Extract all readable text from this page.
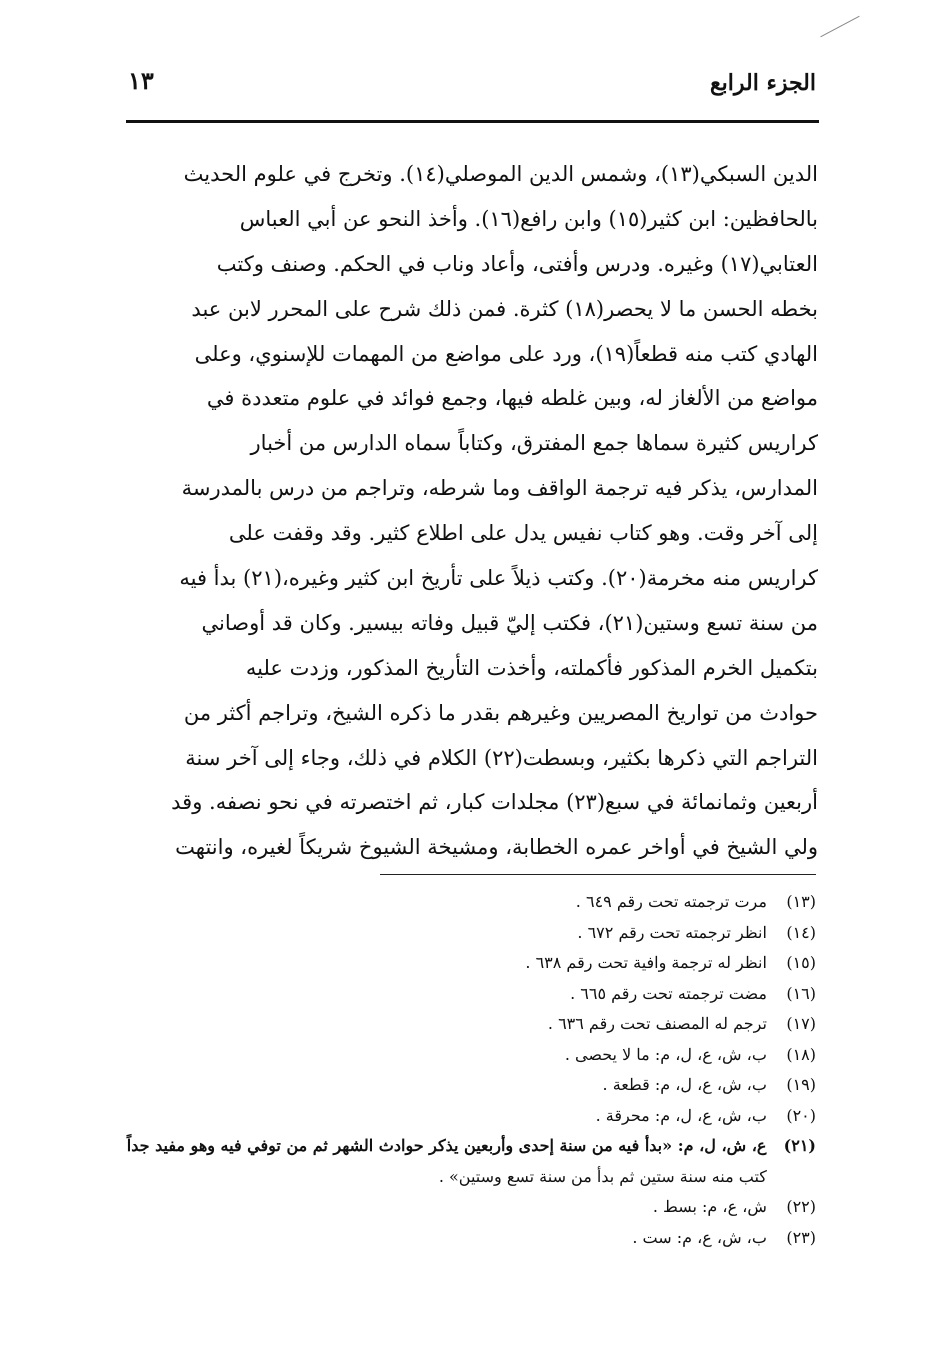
الجزء الرابع
١٣
الدين السبكي(١٣)، وشمس الدين الموصلي(١٤). وتخرج في علوم الحديث
بالحافظين: ابن كثير(١٥) وابن رافع(١٦). وأخذ النحو عن أبي العباس
العتابي(١٧) وغيره. ودرس وأفتى، وأعاد وناب في الحكم. وصنف وكتب
بخطه الحسن ما لا يحصر(١٨) كثرة. فمن ذلك شرح على المحرر لابن عبد
الهادي كتب منه قطعاً(١٩)، ورد على مواضع من المهمات للإسنوي، وعلى
مواضع من الألغاز له، وبين غلطه فيها، وجمع فوائد في علوم متعددة في
كراريس كثيرة سماها جمع المفترق، وكتاباً سماه الدارس من أخبار
المدارس، يذكر فيه ترجمة الواقف وما شرطه، وتراجم من درس بالمدرسة
إلى آخر وقت. وهو كتاب نفيس يدل على اطلاع كثير. وقد وقفت على
كراريس منه مخرمة(٢٠). وكتب ذيلاً على تأريخ ابن كثير وغيره،(٢١) بدأ فيه
من سنة تسع وستين(٢١)، فكتب إليّ قبيل وفاته بيسير. وكان قد أوصاني
بتكميل الخرم المذكور فأكملته، وأخذت التأريخ المذكور، وزدت عليه
حوادث من تواريخ المصريين وغيرهم بقدر ما ذكره الشيخ، وتراجم أكثر من
التراجم التي ذكرها بكثير، وبسطت(٢٢) الكلام في ذلك، وجاء إلى آخر سنة
أربعين وثمانمائة في سبع(٢٣) مجلدات كبار، ثم اختصرته في نحو نصفه. وقد
ولي الشيخ في أواخر عمره الخطابة، ومشيخة الشيوخ شريكاً لغيره، وانتهت
(١٣) مرت ترجمته تحت رقم ٦٤٩ .
(١٤) انظر ترجمته تحت رقم ٦٧٢ .
(١٥) انظر له ترجمة وافية تحت رقم ٦٣٨ .
(١٦) مضت ترجمته تحت رقم ٦٦٥ .
(١٧) ترجم له المصنف تحت رقم ٦٣٦ .
(١٨) ب، ش، ع، ل، م: ما لا يحصى .
(١٩) ب، ش، ع، ل، م: قطعة .
(٢٠) ب، ش، ع، ل، م: محرقة .
(٢١) ع، ش، ل، م: «بدأ فيه من سنة إحدى وأربعين يذكر حوادث الشهر ثم من توفي فيه وهو مفيد جداً
كتب منه سنة ستين ثم بدأ من سنة تسع وستين» .
(٢٢) ش، ع، م: بسط .
(٢٣) ب، ش، ع، م: ست .
